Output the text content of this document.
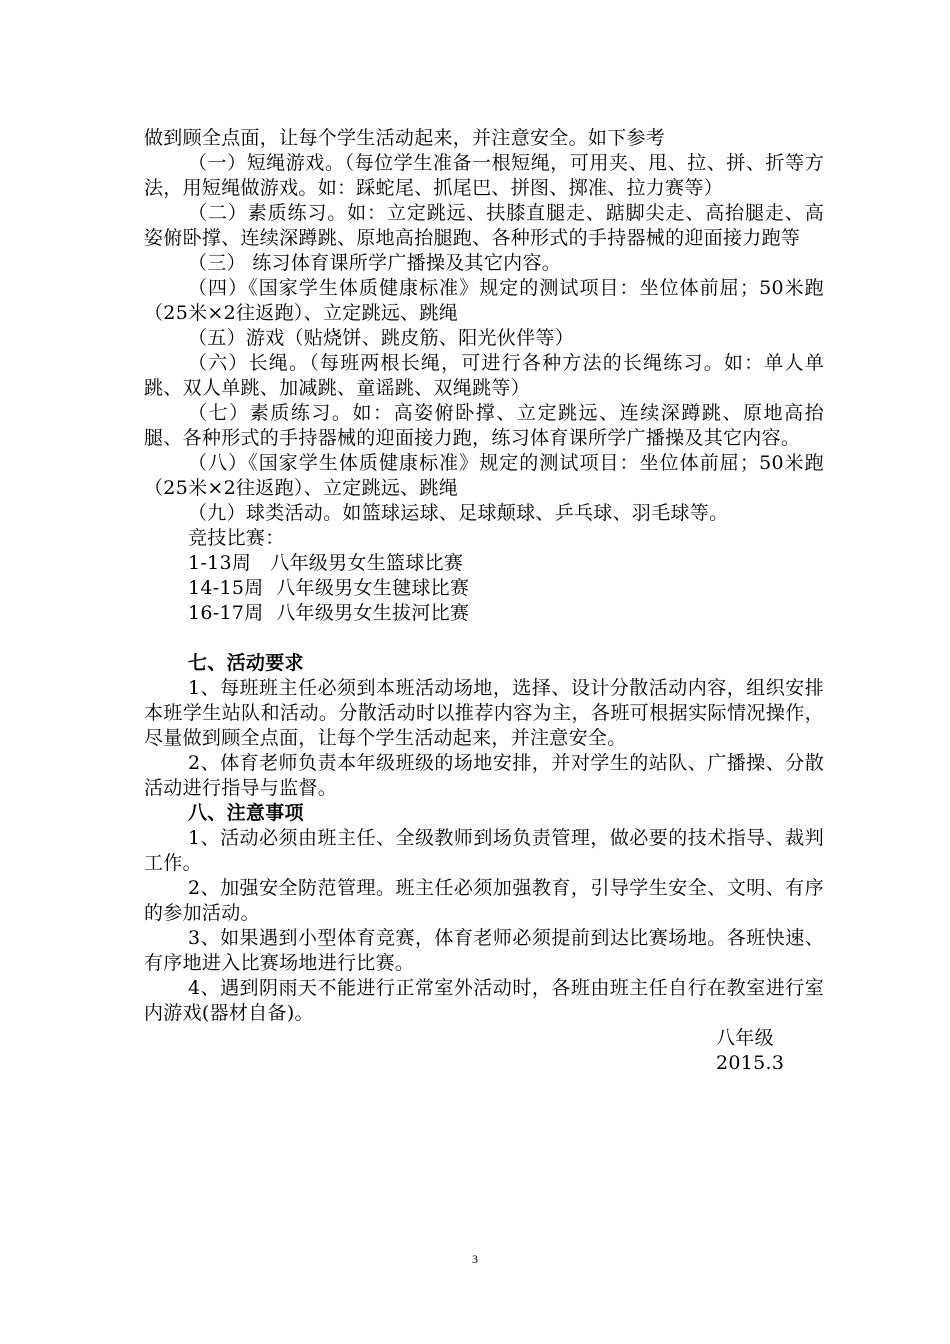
做到顾全点面，让每个学生活动起来，并注意安全。如下参考

（一）短绳游戏。（每位学生准备一根短绳，可用夹、甩、拉、拼、折等方法，用短绳做游戏。如：踩蛇尾、抓尾巴、拼图、掷准、拉力赛等）

（二）素质练习。如：立定跳远、扶膝直腿走、踮脚尖走、高抬腿走、高姿俯卧撑、连续深蹲跳、原地高抬腿跑、各种形式的手持器械的迎面接力跑等

（三） 练习体育课所学广播操及其它内容。

（四）《国家学生体质健康标准》规定的测试项目：坐位体前屈；50米跑（25米×2往返跑）、立定跳远、跳绳

（五）游戏（贴烧饼、跳皮筋、阳光伙伴等）

（六）长绳。（每班两根长绳，可进行各种方法的长绳练习。如：单人单跳、双人单跳、加减跳、童谣跳、双绳跳等）

（七）素质练习。如：高姿俯卧撑、立定跳远、连续深蹲跳、原地高抬腿、各种形式的手持器械的迎面接力跑，练习体育课所学广播操及其它内容。

（八）《国家学生体质健康标准》规定的测试项目：坐位体前屈；50米跑（25米×2往返跑）、立定跳远、跳绳

（九）球类活动。如篮球运球、足球颠球、乒乓球、羽毛球等。

竞技比赛：
1-13周   八年级男女生篮球比赛
14-15周  八年级男女生毽球比赛
16-17周  八年级男女生拔河比赛

七、活动要求

1、每班班主任必须到本班活动场地，选择、设计分散活动内容，组织安排本班学生站队和活动。分散活动时以推荐内容为主，各班可根据实际情况操作，尽量做到顾全点面，让每个学生活动起来，并注意安全。

2、体育老师负责本年级班级的场地安排，并对学生的站队、广播操、分散活动进行指导与监督。

八、注意事项

1、活动必须由班主任、全级教师到场负责管理，做必要的技术指导、裁判工作。

2、加强安全防范管理。班主任必须加强教育，引导学生安全、文明、有序的参加活动。

3、如果遇到小型体育竞赛，体育老师必须提前到达比赛场地。各班快速、有序地进入比赛场地进行比赛。

4、遇到阴雨天不能进行正常室外活动时，各班由班主任自行在教室进行室内游戏(器材自备)。

八年级

2015.3

3
